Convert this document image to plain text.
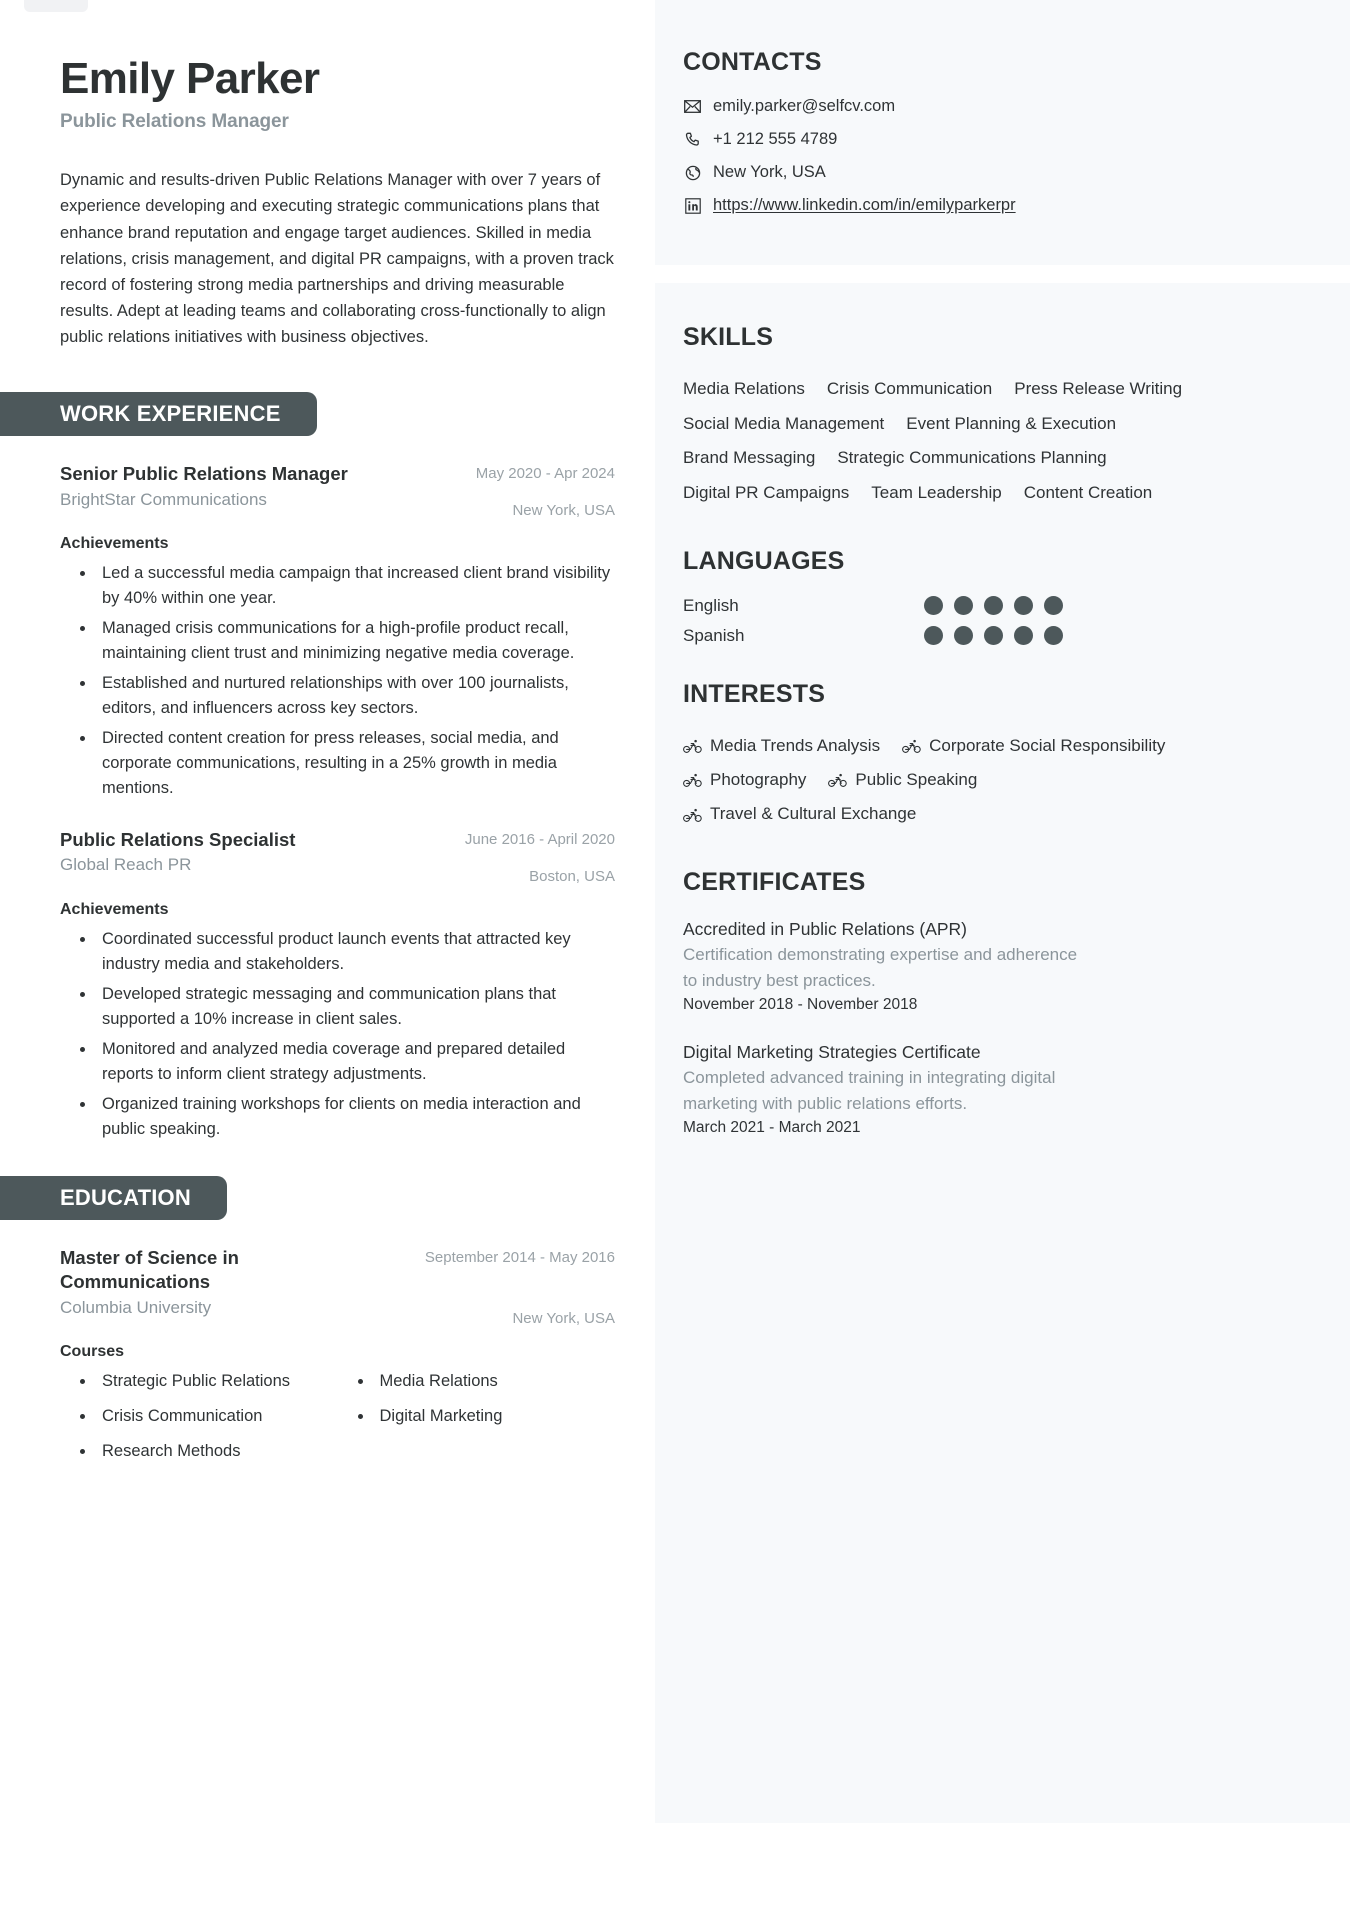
Emily Parker
Public Relations Manager

Dynamic and results-driven Public Relations Manager with over 7 years of experience developing and executing strategic communications plans that enhance brand reputation and engage target audiences. Skilled in media relations, crisis management, and digital PR campaigns, with a proven track record of fostering strong media partnerships and driving measurable results. Adept at leading teams and collaborating cross-functionally to align public relations initiatives with business objectives.

WORK EXPERIENCE
Senior Public Relations Manager
BrightStar Communications
May 2020 - Apr 2024
New York, USA
Achievements
Led a successful media campaign that increased client brand visibility by 40% within one year.
Managed crisis communications for a high-profile product recall, maintaining client trust and minimizing negative media coverage.
Established and nurtured relationships with over 100 journalists, editors, and influencers across key sectors.
Directed content creation for press releases, social media, and corporate communications, resulting in a 25% growth in media mentions.
Public Relations Specialist
Global Reach PR
June 2016 - April 2020
Boston, USA
Achievements
Coordinated successful product launch events that attracted key industry media and stakeholders.
Developed strategic messaging and communication plans that supported a 10% increase in client sales.
Monitored and analyzed media coverage and prepared detailed reports to inform client strategy adjustments.
Organized training workshops for clients on media interaction and public speaking.
EDUCATION
Master of Science in Communications
Columbia University
September 2014 - May 2016
New York, USA
Courses
Strategic Public Relations	Media Relations
Crisis Communication	Digital Marketing
Research Methods
CONTACTS
emily.parker@selfcv.com
+1 212 555 4789
New York, USA
https://www.linkedin.com/in/emilyparkerpr
SKILLS
Media Relations Crisis Communication Press Release Writing
Social Media Management Event Planning & Execution
Brand Messaging Strategic Communications Planning
Digital PR Campaigns Team Leadership Content Creation
LANGUAGES
English
Spanish
INTERESTS
Media Trends Analysis	Corporate Social Responsibility
Photography	Public Speaking
Travel & Cultural Exchange
CERTIFICATES
Accredited in Public Relations (APR)
Certification demonstrating expertise and adherence to industry best practices.
November 2018 - November 2018
Digital Marketing Strategies Certificate
Completed advanced training in integrating digital marketing with public relations efforts.
March 2021 - March 2021
